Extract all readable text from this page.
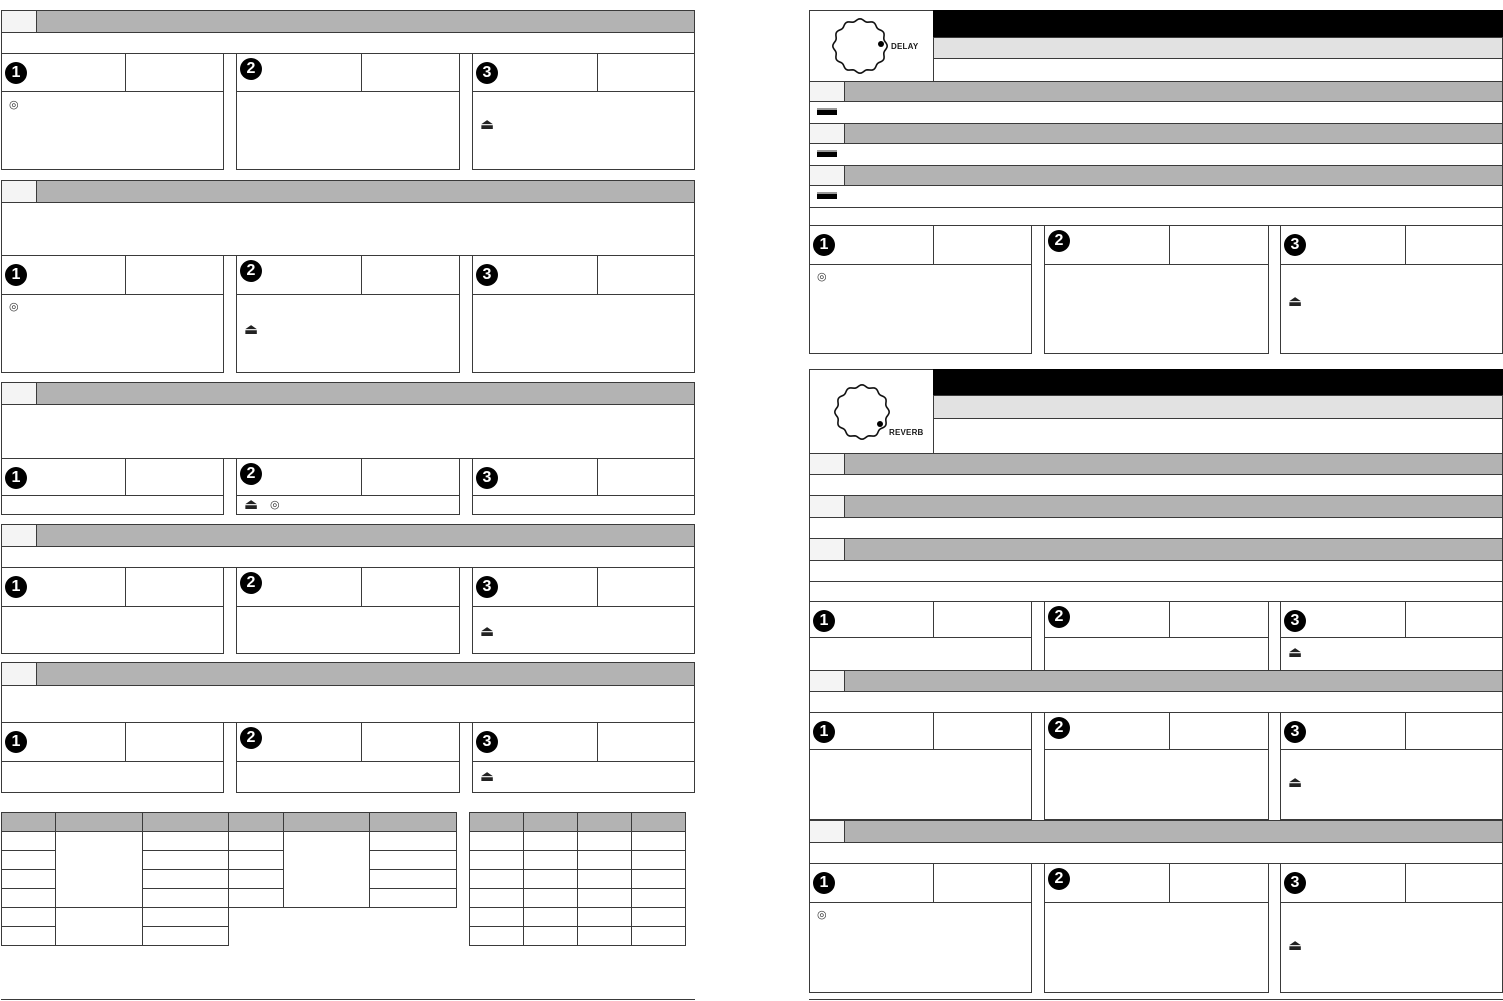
1
◎
2	3
⏏
1
◎
2
⏏
3
1	2
⏏ ◎
3
1	2	3
⏏
1	2	3
⏏

DELAY
1
◎
2	3
⏏
REVERB
1	2	3
⏏
1	2	3
⏏
1
◎
2	3
⏏
